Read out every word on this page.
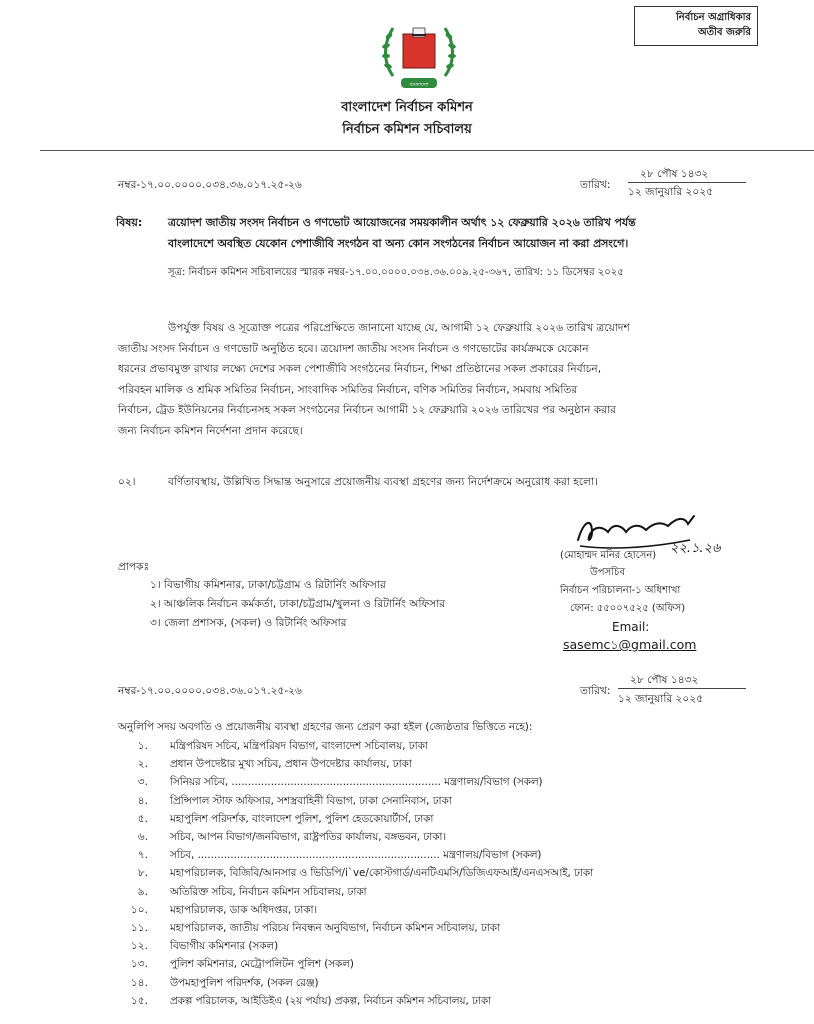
নির্বাচন অগ্রাধিকার
অতীব জরুরি
বাংলাদেশ
বাংলাদেশ নির্বাচন কমিশন
নির্বাচন কমিশন সচিবালয়
নম্বর-১৭.০০.০০০০.০৩৪.৩৬.০১৭.২৫-২৬	তারিখ:
২৮ পৌষ ১৪৩২
১২ জানুয়ারি ২০২৫
বিষয়: ত্রয়োদশ জাতীয় সংসদ নির্বাচন ও গণভোট আয়োজনের সময়কালীন অর্থাৎ ১২ ফেব্রুয়ারি ২০২৬ তারিখ পর্যন্ত
বাংলাদেশে অবস্থিত যেকোন পেশাজীবি সংগঠন বা অন্য কোন সংগঠনের নির্বাচন আয়োজন না করা প্রসংগে।
সূত্র: নির্বাচন কমিশন সচিবালয়ের স্মারক নম্বর-১৭.০০.০০০০.০৩৪.৩৬.০০৯.২৫-৩৬৭, তারিখ: ১১ ডিসেম্বর ২০২৫
উপর্যুক্ত বিষয় ও সূত্রোক্ত পত্রের পরিপ্রেক্ষিতে জানানো যাচ্ছে যে, আগামী ১২ ফেব্রুয়ারি ২০২৬ তারিখ ত্রয়োদশ
জাতীয় সংসদ নির্বাচন ও গণভোট অনুষ্ঠিত হবে। ত্রয়োদশ জাতীয় সংসদ নির্বাচন ও গণভোটের কার্যক্রমকে যেকোন
ধরনের প্রভাবমুক্ত রাখার লক্ষ্যে দেশের সকল পেশাজীবি সংগঠনের নির্বাচন, শিক্ষা প্রতিষ্ঠানের সকল প্রকারের নির্বাচন,
পরিবহন মালিক ও শ্রমিক সমিতির নির্বাচন, সাংবাদিক সমিতির নির্বাচন, বণিক সমিতির নির্বাচন, সমবায় সমিতির
নির্বাচন, ট্রেড ইউনিয়নের নির্বাচনসহ সকল সংগঠনের নির্বাচন আগামী ১২ ফেব্রুয়ারি ২০২৬ তারিখের পর অনুষ্ঠান করার
জন্য নির্বাচন কমিশন নির্দেশনা প্রদান করেছে।
০২।	বর্ণিতাবস্থায়, উল্লিখিত সিদ্ধান্ত অনুসারে প্রয়োজনীয় ব্যবস্থা গ্রহণের জন্য নির্দেশক্রমে অনুরোধ করা হলো।
২২.১.২৬
(মোহাম্মদ মনির হোসেন)
উপসচিব
নির্বাচন পরিচালনা-১ অধিশাখা
ফোন: ৫৫০০৭৫২৫ (অফিস)
Email:
sasemc১@gmail.com
প্রাপকঃ
১। বিভাগীয় কমিশনার, ঢাকা/চট্টগ্রাম ও রিটার্নিং অফিসার
২। আঞ্চলিক নির্বাচন কর্মকর্তা, ঢাকা/চট্টগ্রাম/খুলনা ও রিটার্নিং অফিসার
৩। জেলা প্রশাসক, (সকল) ও রিটার্নিং অফিসার
নম্বর-১৭.০০.০০০০.০৩৪.৩৬.০১৭.২৫-২৬	তারিখ:
২৮ পৌষ ১৪৩২
১২ জানুয়ারি ২০২৫
অনুলিপি সদয় অবগতি ও প্রয়োজনীয় ব্যবস্থা গ্রহণের জন্য প্রেরণ করা হইল (জ্যেষ্ঠতার ভিত্তিতে নহে):
১. মন্ত্রিপরিষদ সচিব, মন্ত্রিপরিষদ বিভাগ, বাংলাদেশ সচিবালয়, ঢাকা
২. প্রধান উপদেষ্টার মুখ্য সচিব, প্রধান উপদেষ্টার কার্যালয়, ঢাকা
৩. সিনিয়র সচিব, ................................................................ মন্ত্রণালয়/বিভাগ (সকল)
৪. প্রিন্সিপাল স্টাফ অফিসার, সশস্ত্রবাহিনী বিভাগ, ঢাকা সেনানিবাস, ঢাকা
৫. মহাপুলিশ পরিদর্শক, বাংলাদেশ পুলিশ, পুলিশ হেডকোয়ার্টার্স, ঢাকা
৬. সচিব, আপন বিভাগ/জনবিভাগ, রাষ্ট্রপতির কার্যালয়, বঙ্গভবন, ঢাকা।
৭. সচিব, .......................................................................... মন্ত্রণালয়/বিভাগ (সকল)
৮. মহাপরিচালক, বিজিবি/আনসার ও ভিডিপি/i`ve/কোস্টগার্ড/এনটিএমসি/ডিজিএফআই/এনএসআই, ঢাকা
৯. অতিরিক্ত সচিব, নির্বাচন কমিশন সচিবালয়, ঢাকা
১০. মহাপরিচালক, ডাক অধিদপ্তর, ঢাকা।
১১. মহাপরিচালক, জাতীয় পরিচয় নিবন্ধন অনুবিভাগ, নির্বাচন কমিশন সচিবালয়, ঢাকা
১২. বিভাগীয় কমিশনার (সকল)
১৩. পুলিশ কমিশনার, মেট্রোপলিটন পুলিশ (সকল)
১৪. উপমহাপুলিশ পরিদর্শক, (সকল রেঞ্জ)
১৫. প্রকল্প পরিচালক, আইডিইএ (২য় পর্যায়) প্রকল্প, নির্বাচন কমিশন সচিবালয়, ঢাকা
